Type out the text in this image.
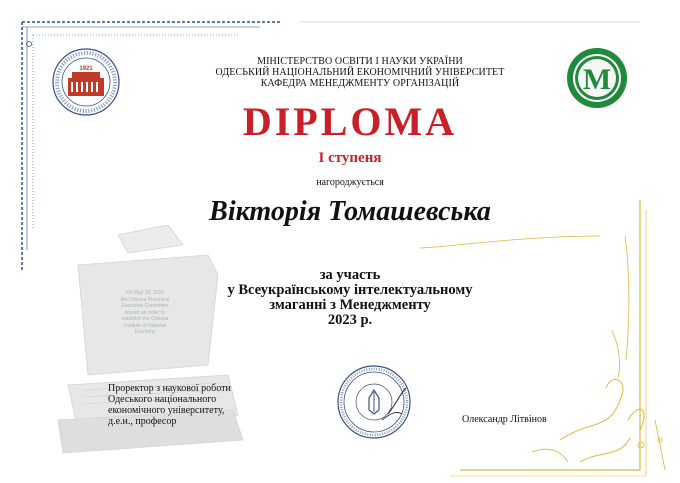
On May 16, 1921
the Odessa Provincial
Executive Committee
issued an order to
establish the Odessa
Institute of National
Economy
1921	М
МІНІСТЕРСТВО ОСВІТИ І НАУКИ УКРАЇНИ
ОДЕСЬКИЙ НАЦІОНАЛЬНИЙ ЕКОНОМІЧНИЙ УНІВЕРСИТЕТ
КАФЕДРА МЕНЕДЖМЕНТУ ОРГАНІЗАЦІЙ
DIPLOMA
І ступеня
нагороджується
Вікторія Томашевська
за участь
у Всеукраїнському інтелектуальному
змаганні з Менеджменту
2023 р.
Проректор з наукової роботи
Одеського національного
економічного університету,
д.е.н., професор	Олександр Літвінов
